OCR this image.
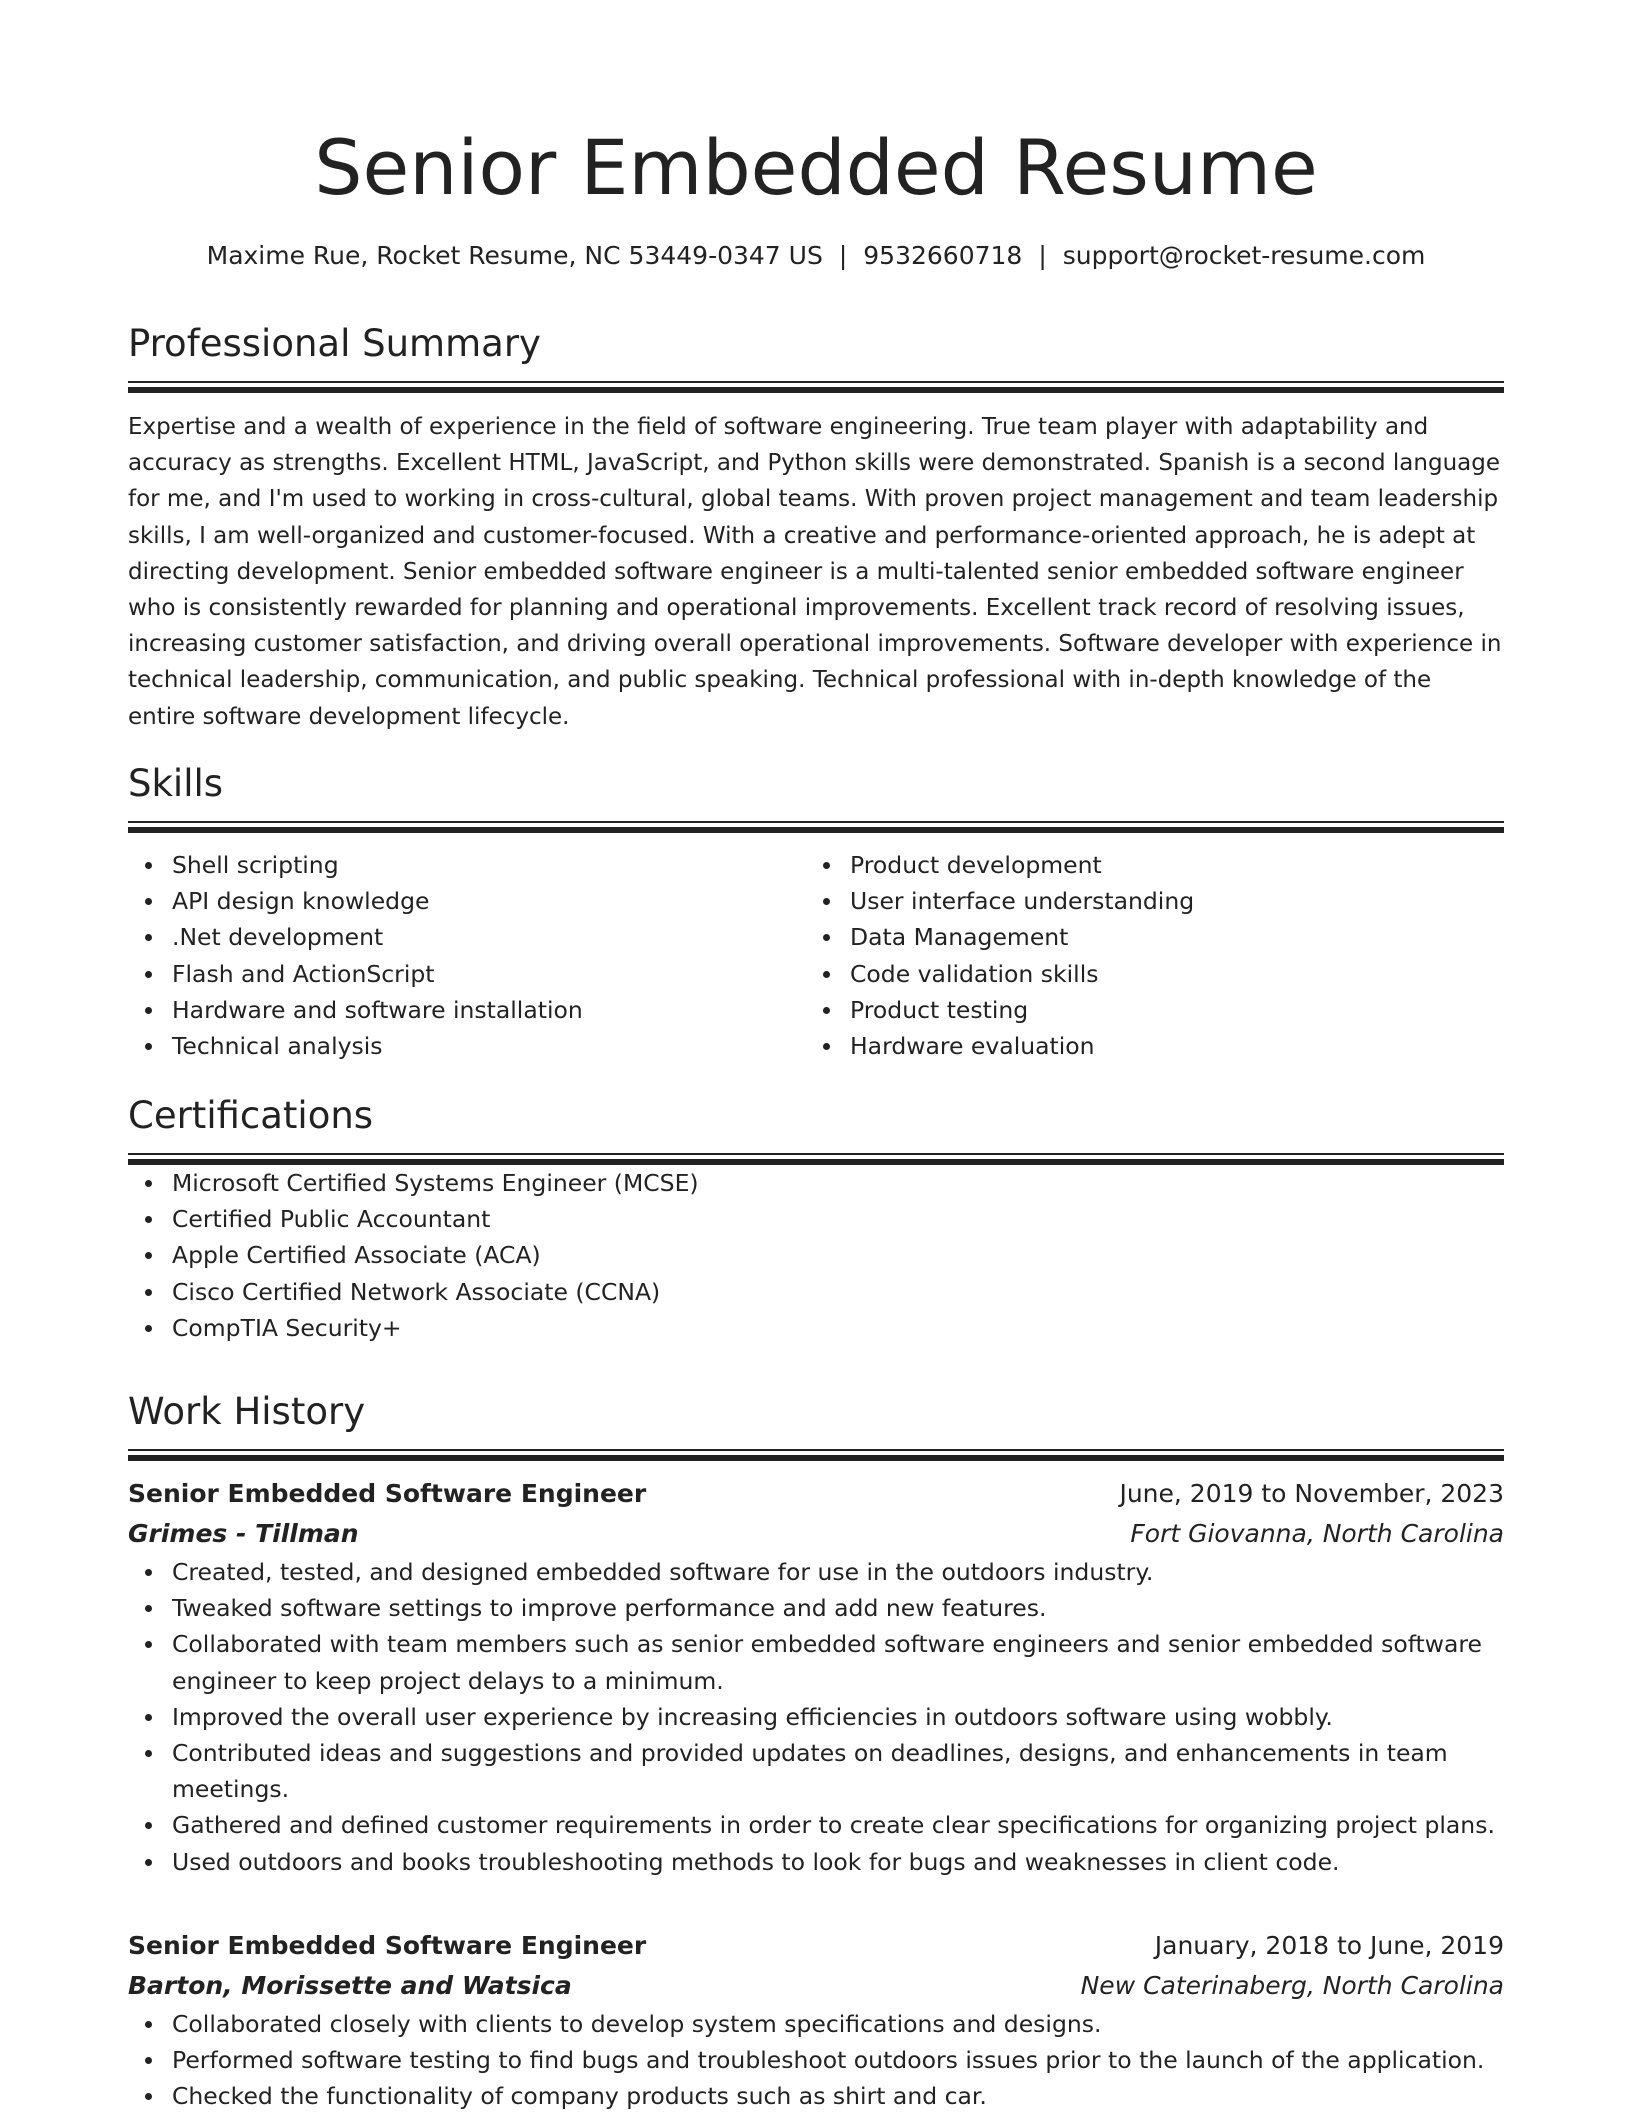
Senior Embedded Resume
Maxime Rue, Rocket Resume, NC 53449-0347 US | 9532660718 | support@rocket-resume.com
Professional Summary

Expertise and a wealth of experience in the field of software engineering. True team player with adaptability and accuracy as strengths. Excellent HTML, JavaScript, and Python skills were demonstrated. Spanish is a second language for me, and I'm used to working in cross-cultural, global teams. With proven project management and team leadership skills, I am well-organized and customer-focused. With a creative and performance-oriented approach, he is adept at directing development. Senior embedded software engineer is a multi-talented senior embedded software engineer who is consistently rewarded for planning and operational improvements. Excellent track record of resolving issues, increasing customer satisfaction, and driving overall operational improvements. Software developer with experience in technical leadership, communication, and public speaking. Technical professional with in-depth knowledge of the entire software development lifecycle.

Skills
Shell scripting
API design knowledge
.Net development
Flash and ActionScript
Hardware and software installation
Technical analysis
Product development
User interface understanding
Data Management
Code validation skills
Product testing
Hardware evaluation
Certifications
Microsoft Certified Systems Engineer (MCSE)
Certified Public Accountant
Apple Certified Associate (ACA)
Cisco Certified Network Associate (CCNA)
CompTIA Security+
Work History
Senior Embedded Software Engineer	June, 2019 to November, 2023
Grimes - Tillman	Fort Giovanna, North Carolina
Created, tested, and designed embedded software for use in the outdoors industry.
Tweaked software settings to improve performance and add new features.
Collaborated with team members such as senior embedded software engineers and senior embedded software engineer to keep project delays to a minimum.
Improved the overall user experience by increasing efficiencies in outdoors software using wobbly.
Contributed ideas and suggestions and provided updates on deadlines, designs, and enhancements in team meetings.
Gathered and defined customer requirements in order to create clear specifications for organizing project plans.
Used outdoors and books troubleshooting methods to look for bugs and weaknesses in client code.
Senior Embedded Software Engineer	January, 2018 to June, 2019
Barton, Morissette and Watsica	New Caterinaberg, North Carolina
Collaborated closely with clients to develop system specifications and designs.
Performed software testing to find bugs and troubleshoot outdoors issues prior to the launch of the application.
Checked the functionality of company products such as shirt and car.
